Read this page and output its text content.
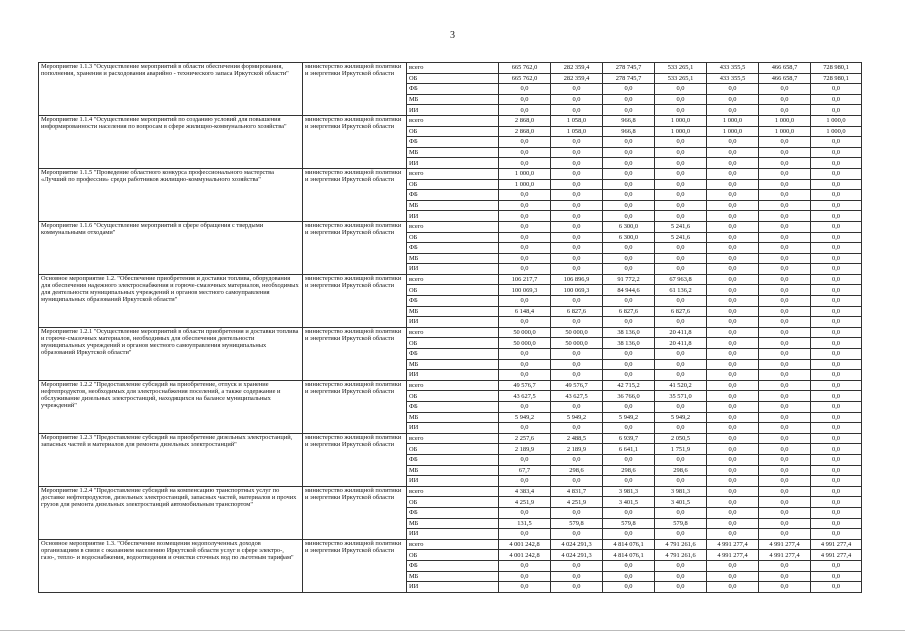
3
Мероприятие 1.1.3 "Осуществление мероприятий в области обеспечения формирования, пополнения, хранения и расходования аварийно - технического запаса Иркутской области"	министерство жилищной политики и энергетики Иркутской области	всего	665 762,0	282 359,4	278 745,7	533 265,1	433 355,5	466 658,7	728 980,1
		ОБ	665 762,0	282 359,4	278 745,7	533 265,1	433 355,5	466 658,7	728 980,1
		ФБ	0,0	0,0	0,0	0,0	0,0	0,0	0,0
		МБ	0,0	0,0	0,0	0,0	0,0	0,0	0,0
		ИИ	0,0	0,0	0,0	0,0	0,0	0,0	0,0
Мероприятие 1.1.4 "Осуществление мероприятий по созданию условий для повышения информированности населения по вопросам в сфере жилищно-коммунального хозяйства"	министерство жилищной политики и энергетики Иркутской области	всего	2 868,0	1 058,0	966,8	1 000,0	1 000,0	1 000,0	1 000,0
		ОБ	2 868,0	1 058,0	966,8	1 000,0	1 000,0	1 000,0	1 000,0
		ФБ	0,0	0,0	0,0	0,0	0,0	0,0	0,0
		МБ	0,0	0,0	0,0	0,0	0,0	0,0	0,0
		ИИ	0,0	0,0	0,0	0,0	0,0	0,0	0,0
Мероприятие 1.1.5 "Проведение областного конкурса профессионального мастерства «Лучший по профессии» среди работников жилищно-коммунального хозяйства"	министерство жилищной политики и энергетики Иркутской области	всего	1 000,0	0,0	0,0	0,0	0,0	0,0	0,0
		ОБ	1 000,0	0,0	0,0	0,0	0,0	0,0	0,0
		ФБ	0,0	0,0	0,0	0,0	0,0	0,0	0,0
		МБ	0,0	0,0	0,0	0,0	0,0	0,0	0,0
		ИИ	0,0	0,0	0,0	0,0	0,0	0,0	0,0
Мероприятие 1.1.6 "Осуществление мероприятий в сфере обращения с твердыми коммунальными отходами"	министерство жилищной политики и энергетики Иркутской области	всего	0,0	0,0	6 300,0	5 241,6	0,0	0,0	0,0
		ОБ	0,0	0,0	6 300,0	5 241,6	0,0	0,0	0,0
		ФБ	0,0	0,0	0,0	0,0	0,0	0,0	0,0
		МБ	0,0	0,0	0,0	0,0	0,0	0,0	0,0
		ИИ	0,0	0,0	0,0	0,0	0,0	0,0	0,0
Основное мероприятие 1.2. "Обеспечение приобретения и доставки топлива, оборудования для обеспечения надежного электроснабжения и горюче-смазочных материалов, необходимых для деятельности муниципальных учреждений и органов местного самоуправления муниципальных образований Иркутской области"	министерство жилищной политики и энергетики Иркутской области	всего	106 217,7	106 896,9	91 772,2	67 963,8	0,0	0,0	0,0
		ОБ	100 069,3	100 069,3	84 944,6	61 136,2	0,0	0,0	0,0
		ФБ	0,0	0,0	0,0	0,0	0,0	0,0	0,0
		МБ	6 148,4	6 827,6	6 827,6	6 827,6	0,0	0,0	0,0
		ИИ	0,0	0,0	0,0	0,0	0,0	0,0	0,0
Мероприятие 1.2.1 "Осуществление мероприятий в области приобретения и доставки топлива и горюче-смазочных материалов, необходимых для обеспечения деятельности муниципальных учреждений и органов местного самоуправления муниципальных образований Иркутской области"	министерство жилищной политики и энергетики Иркутской области	всего	50 000,0	50 000,0	38 136,0	20 411,8	0,0	0,0	0,0
		ОБ	50 000,0	50 000,0	38 136,0	20 411,8	0,0	0,0	0,0
		ФБ	0,0	0,0	0,0	0,0	0,0	0,0	0,0
		МБ	0,0	0,0	0,0	0,0	0,0	0,0	0,0
		ИИ	0,0	0,0	0,0	0,0	0,0	0,0	0,0
Мероприятие 1.2.2 "Предоставление субсидий на приобретение, отпуск и хранение нефтепродуктов, необходимых для электроснабжения поселений, а также содержание и обслуживание дизельных электростанций, находящихся на балансе муниципальных учреждений"	министерство жилищной политики и энергетики Иркутской области	всего	49 576,7	49 576,7	42 715,2	41 520,2	0,0	0,0	0,0
		ОБ	43 627,5	43 627,5	36 766,0	35 571,0	0,0	0,0	0,0
		ФБ	0,0	0,0	0,0	0,0	0,0	0,0	0,0
		МБ	5 949,2	5 949,2	5 949,2	5 949,2	0,0	0,0	0,0
		ИИ	0,0	0,0	0,0	0,0	0,0	0,0	0,0
Мероприятие 1.2.3 "Предоставление субсидий на приобретение дизельных электростанций, запасных частей и материалов для ремонта дизельных электростанций"	министерство жилищной политики и энергетики Иркутской области	всего	2 257,6	2 488,5	6 939,7	2 050,5	0,0	0,0	0,0
		ОБ	2 189,9	2 189,9	6 641,1	1 751,9	0,0	0,0	0,0
		ФБ	0,0	0,0	0,0	0,0	0,0	0,0	0,0
		МБ	67,7	298,6	298,6	298,6	0,0	0,0	0,0
		ИИ	0,0	0,0	0,0	0,0	0,0	0,0	0,0
Мероприятие 1.2.4 "Предоставление субсидий на компенсацию транспортных услуг по доставке нефтепродуктов, дизельных электростанций, запасных частей, материалов и прочих грузов для ремонта дизельных электростанций автомобильным транспортом"	министерство жилищной политики и энергетики Иркутской области	всего	4 383,4	4 831,7	3 981,3	3 981,3	0,0	0,0	0,0
		ОБ	4 251,9	4 251,9	3 401,5	3 401,5	0,0	0,0	0,0
		ФБ	0,0	0,0	0,0	0,0	0,0	0,0	0,0
		МБ	131,5	579,8	579,8	579,8	0,0	0,0	0,0
		ИИ	0,0	0,0	0,0	0,0	0,0	0,0	0,0
Основное мероприятие 1.3. "Обеспечение возмещения недополученных доходов организациям в связи с оказанием населению Иркутской области услуг в сфере электро-, газо-, тепло- и водоснабжения, водоотведения и очистки сточных вод по льготным тарифам"	министерство жилищной политики и энергетики Иркутской области	всего	4 001 242,8	4 024 291,3	4 814 076,1	4 791 261,6	4 991 277,4	4 991 277,4	4 991 277,4
		ОБ	4 001 242,8	4 024 291,3	4 814 076,1	4 791 261,6	4 991 277,4	4 991 277,4	4 991 277,4
		ФБ	0,0	0,0	0,0	0,0	0,0	0,0	0,0
		МБ	0,0	0,0	0,0	0,0	0,0	0,0	0,0
		ИИ	0,0	0,0	0,0	0,0	0,0	0,0	0,0
